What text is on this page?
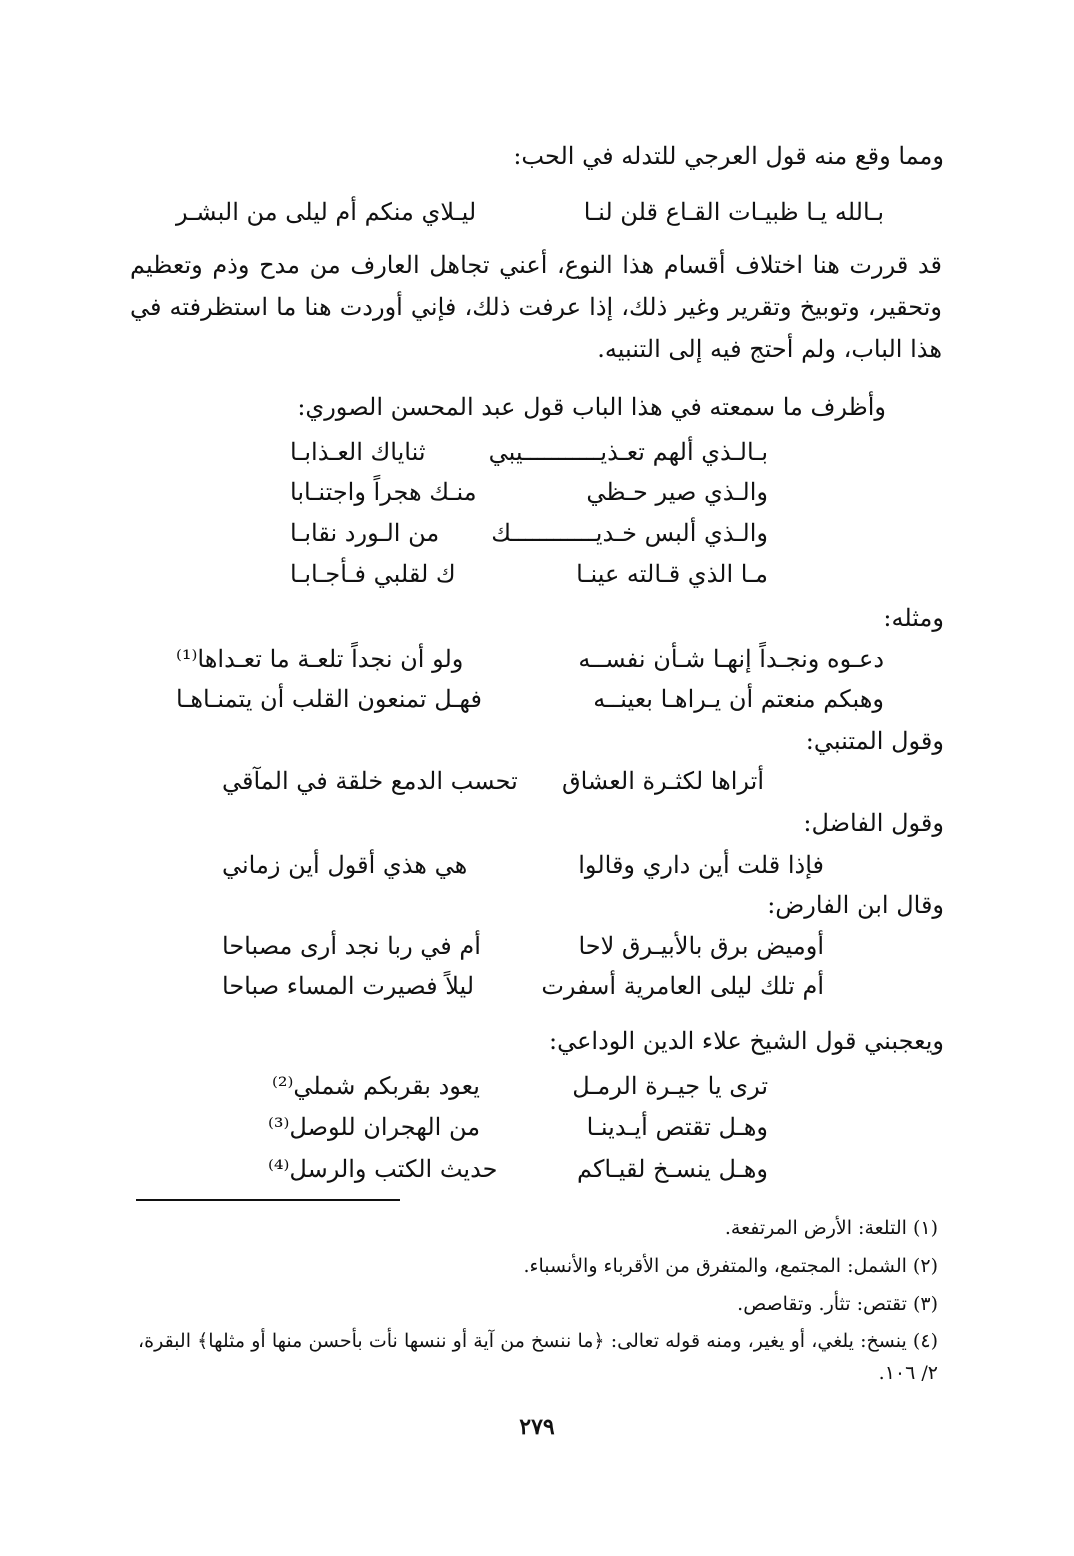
ومما وقع منه قول العرجي للتدله في الحب:
بـالله يـا ظبيـات القـاع قلن لنـا
ليـلاي منكم أم ليلى من البشـر
قد قررت هنا اختلاف أقسام هذا النوع، أعني تجاهل العارف من مدح وذم وتعظيم وتحقير، وتوبيخ وتقرير وغير ذلك، إذا عرفت ذلك، فإني أوردت هنا ما استظرفته في هذا الباب، ولم أحتج فيه إلى التنبيه.
وأظرف ما سمعته في هذا الباب قول عبد المحسن الصوري:
بـالـذي ألهم تعـذيـــــــــــيبي
ثناياك العـذابـا
والـذي صير حـظي
منـك هجراً واجتنـابا
والـذي ألبس خـديــــــــــــك
من الـورد نقابـا
مـا الذي قـالته عينـا
ك لقلبي فـأجـابـا
ومثله:
دعـوه ونجـداً إنهـا شـأن نفســه
ولو أن نجداً تلعـة ما تعـداها⁽¹⁾
وهبكم منعتم أن يـراهـا بعينــه
فهـل تمنعون القلب أن يتمنـاهـا
وقول المتنبي:
أتراها لكثـرة العشاق
تحسب الدمع خلقة في المآقي
وقول الفاضل:
فإذا قلت أين داري وقالوا
هي هذي أقول أين زماني
وقال ابن الفارض:
أوميض برق بالأبيـرق لاحا
أم في ربا نجد أرى مصباحا
أم تلك ليلى العامرية أسفرت
ليلاً فصيرت المساء صباحا
ويعجبني قول الشيخ علاء الدين الوداعي:
ترى يا جيـرة الرمـل
يعود بقربكم شملي⁽²⁾
وهـل تقتص أيـدينـا
من الهجران للوصل⁽³⁾
وهـل ينسـخ لقيـاكم
حديث الكتب والرسل⁽⁴⁾
(١) التلعة: الأرض المرتفعة.
(٢) الشمل: المجتمع، والمتفرق من الأقرباء والأنسباء.
(٣) تقتص: تثأر. وتقاصص.
(٤) ينسخ: يلغي، أو يغير، ومنه قوله تعالى: ﴿ما ننسخ من آية أو ننسها نأت بأحسن منها أو مثلها﴾ البقرة، ٢/ ١٠٦.
٢٧٩
